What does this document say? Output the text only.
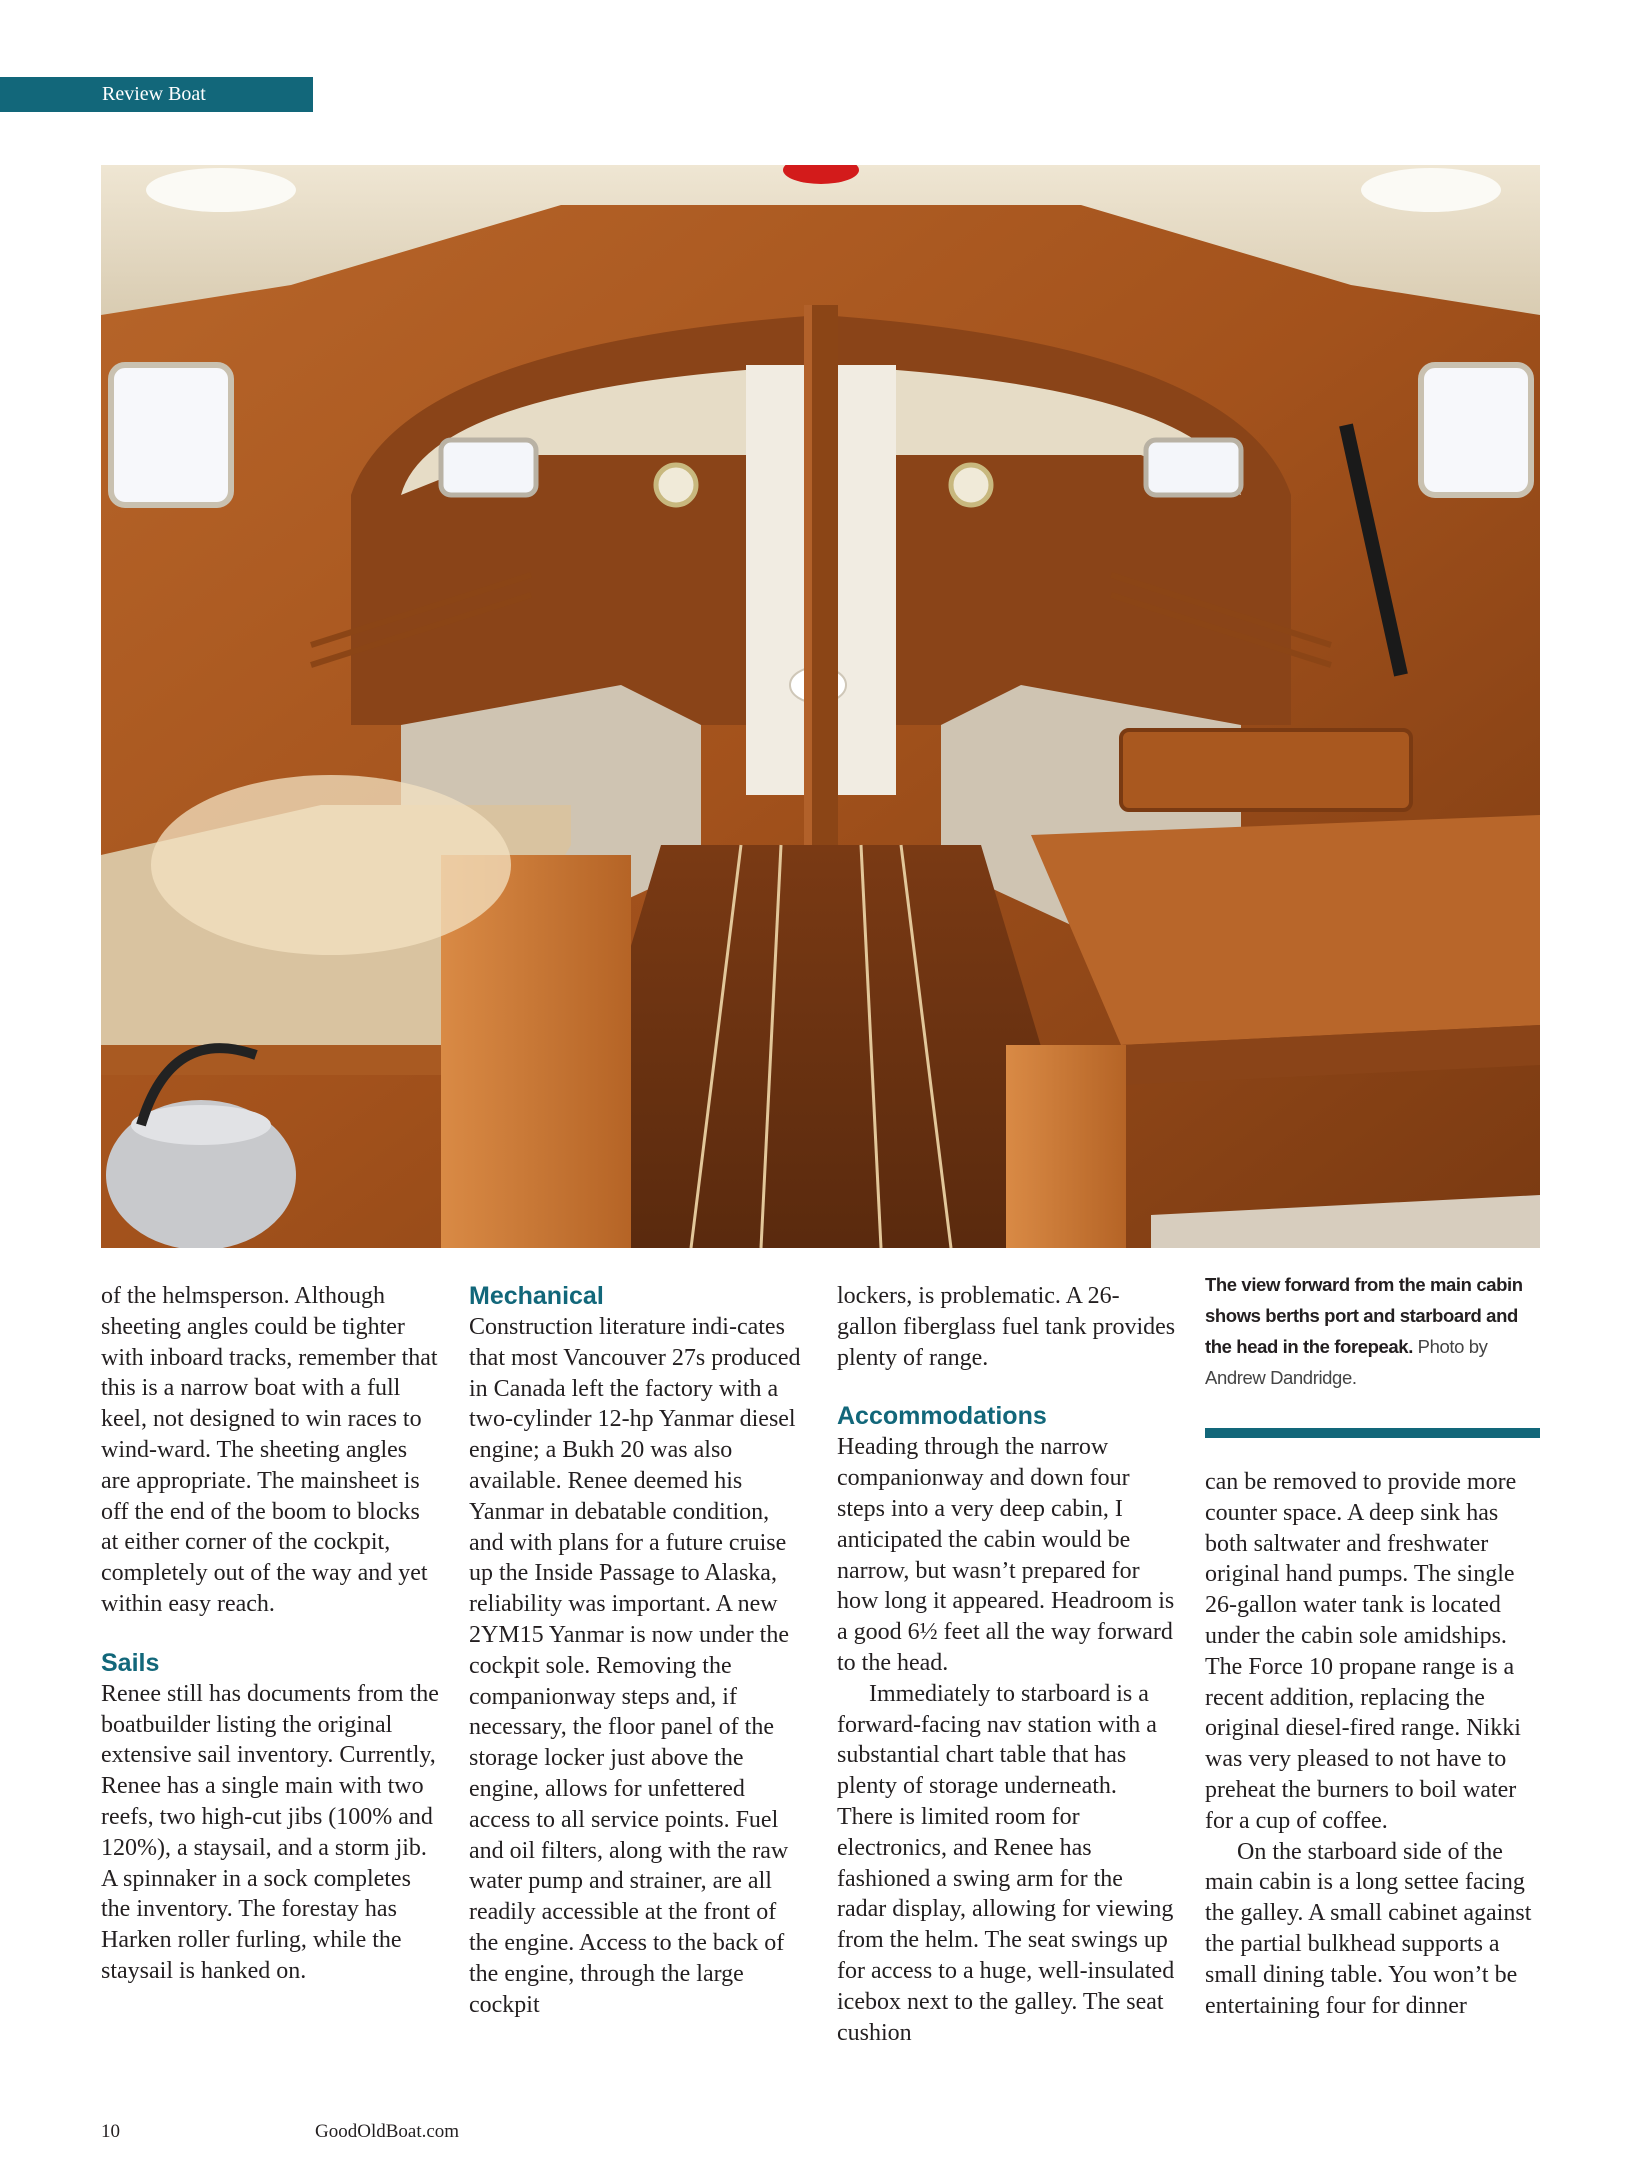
Review Boat

of the helmsperson. Although sheeting angles could be tighter with inboard tracks, remember that this is a narrow boat with a full keel, not designed to win races to wind-ward. The sheeting angles are appropriate. The mainsheet is off the end of the boom to blocks at either corner of the cockpit, completely out of the way and yet within easy reach.

Sails

Renee still has documents from the boatbuilder listing the original extensive sail inventory. Currently, Renee has a single main with two reefs, two high-cut jibs (100% and 120%), a staysail, and a storm jib. A spinnaker in a sock completes the inventory. The forestay has Harken roller furling, while the staysail is hanked on.

Mechanical

Construction literature indi-cates that most Vancouver 27s produced in Canada left the factory with a two-cylinder 12-hp Yanmar diesel engine; a Bukh 20 was also available. Renee deemed his Yanmar in debatable condition, and with plans for a future cruise up the Inside Passage to Alaska, reliability was important. A new 2YM15 Yanmar is now under the cockpit sole. Removing the companionway steps and, if necessary, the floor panel of the storage locker just above the engine, allows for unfettered access to all service points. Fuel and oil filters, along with the raw water pump and strainer, are all readily accessible at the front of the engine. Access to the back of the engine, through the large cockpit

lockers, is problematic. A 26-gallon fiberglass fuel tank provides plenty of range.

Accommodations

Heading through the narrow companionway and down four steps into a very deep cabin, I anticipated the cabin would be narrow, but wasn’t prepared for how long it appeared. Headroom is a good 6½ feet all the way forward to the head.

Immediately to starboard is a forward-facing nav station with a substantial chart table that has plenty of storage underneath. There is limited room for electronics, and Renee has fashioned a swing arm for the radar display, allowing for viewing from the helm. The seat swings up for access to a huge, well-insulated icebox next to the galley. The seat cushion

The view forward from the main cabin shows berths port and starboard and the head in the forepeak. Photo by Andrew Dandridge.

can be removed to provide more counter space. A deep sink has both saltwater and freshwater original hand pumps. The single 26-gallon water tank is located under the cabin sole amidships. The Force 10 propane range is a recent addition, replacing the original diesel-fired range. Nikki was very pleased to not have to preheat the burners to boil water for a cup of coffee.

On the starboard side of the main cabin is a long settee facing the galley. A small cabinet against the partial bulkhead supports a small dining table. You won’t be entertaining four for dinner

10	GoodOldBoat.com
